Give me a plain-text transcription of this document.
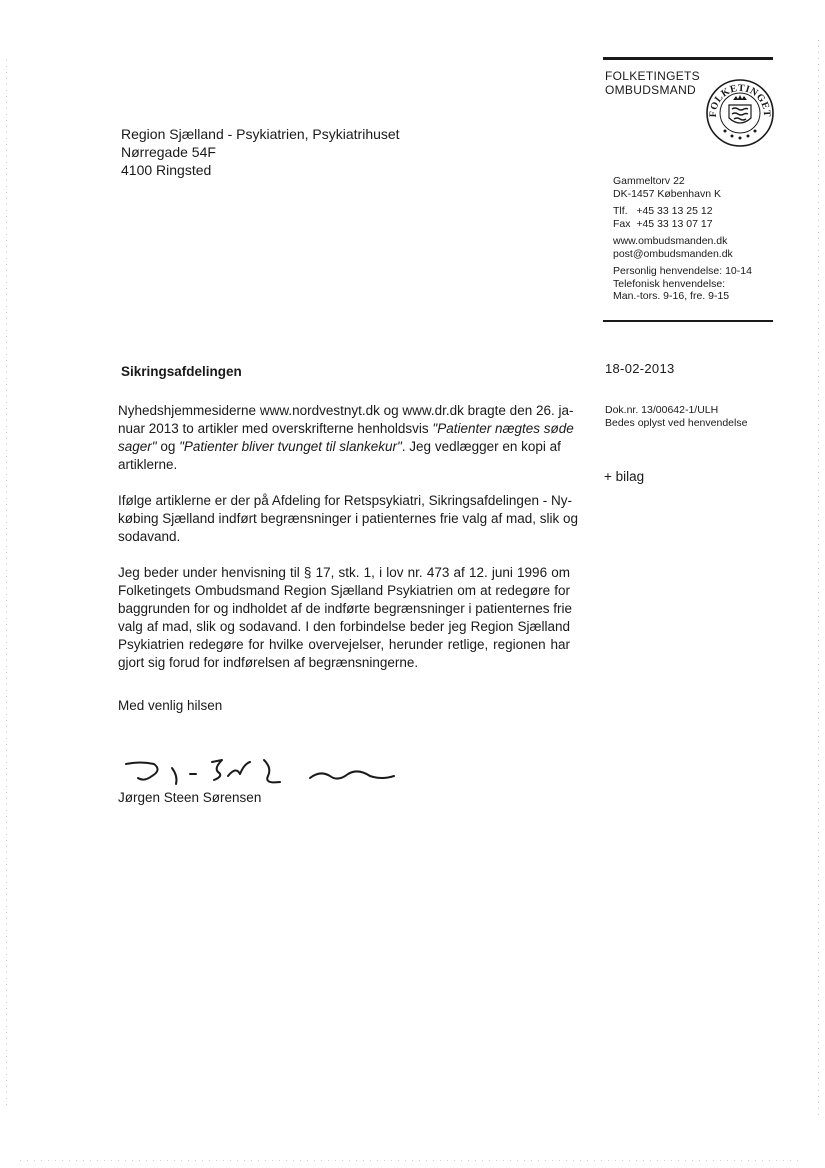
FOLKETINGETS
OMBUDSMAND
FOLKETINGET
Region Sjælland - Psykiatrien, Psykiatrihuset
Nørregade 54F
4100 Ringsted
Gammeltorv 22
DK-1457 København K
Tlf.   +45 33 13 25 12
Fax  +45 33 13 07 17
www.ombudsmanden.dk
post@ombudsmanden.dk
Personlig henvendelse: 10-14
Telefonisk henvendelse:
Man.-tors. 9-16, fre. 9-15
18-02-2013
Dok.nr. 13/00642-1/ULH
Bedes oplyst ved henvendelse
+ bilag
Sikringsafdelingen

Nyhedshjemmesiderne www.nordvestnyt.dk og www.dr.dk bragte den 26. ja-
nuar 2013 to artikler med overskrifterne henholdsvis "Patienter nægtes søde
sager" og "Patienter bliver tvunget til slankekur". Jeg vedlægger en kopi af
artiklerne.

Ifølge artiklerne er der på Afdeling for Retspsykiatri, Sikringsafdelingen - Ny-
købing Sjælland indført begrænsninger i patienternes frie valg af mad, slik og
sodavand.

Jeg beder under henvisning til § 17, stk. 1, i lov nr. 473 af 12. juni 1996 om
Folketingets Ombudsmand Region Sjælland Psykiatrien om at redegøre for
baggrunden for og indholdet af de indførte begrænsninger i patienternes frie
valg af mad, slik og sodavand. I den forbindelse beder jeg Region Sjælland
Psykiatrien redegøre for hvilke overvejelser, herunder retlige, regionen har
gjort sig forud for indførelsen af begrænsningerne.

Med venlig hilsen
Jørgen Steen Sørensen
